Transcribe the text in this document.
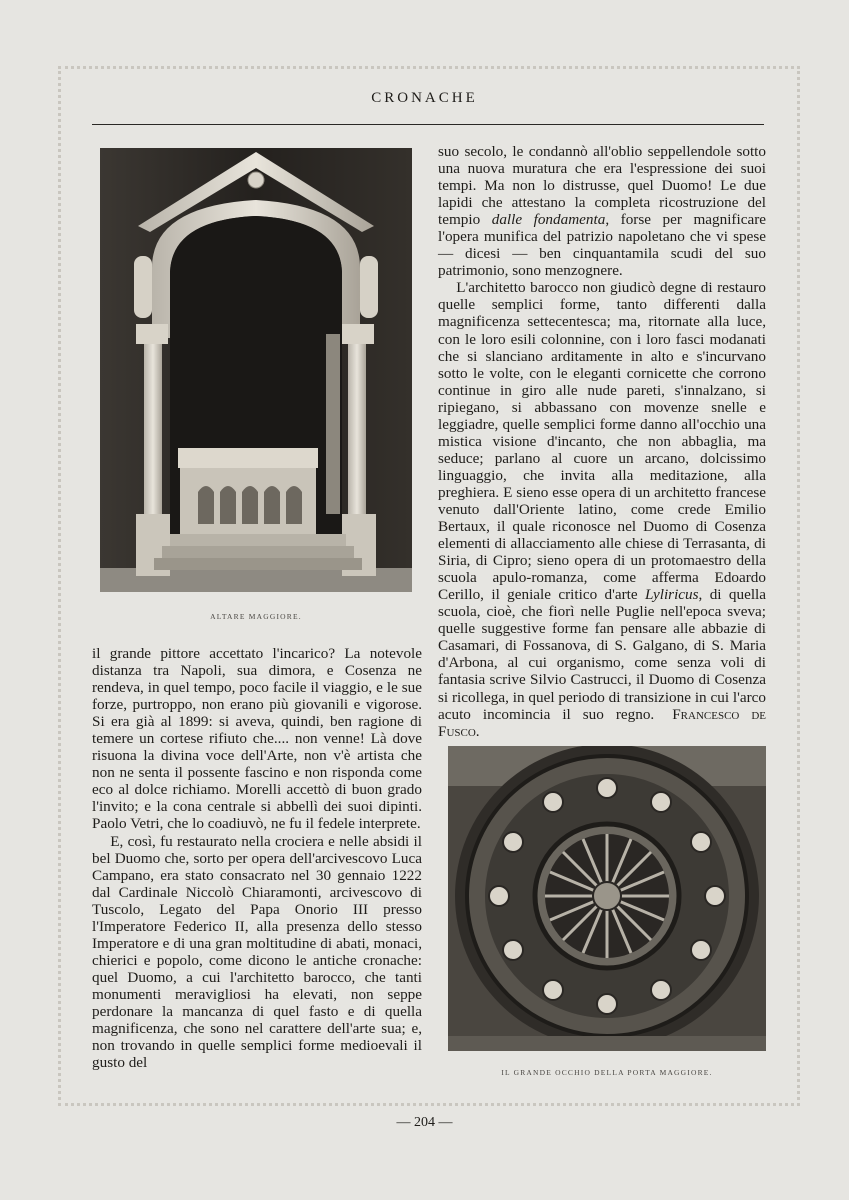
CRONACHE
ALTARE MAGGIORE.

il grande pittore accettato l'incarico? La notevole distanza tra Napoli, sua dimora, e Cosenza ne rendeva, in quel tempo, poco facile il viaggio, e le sue forze, purtroppo, non erano più giovanili e vigorose. Si era già al 1899: si aveva, quindi, ben ragione di temere un cortese rifiuto che.... non venne! Là dove risuona la divina voce dell'Arte, non v'è artista che non ne senta il possente fascino e non risponda come eco al dolce richiamo. Morelli accettò di buon grado l'invito; e la cona centrale si abbellì dei suoi dipinti. Paolo Vetri, che lo coadiuvò, ne fu il fedele interprete.

E, così, fu restaurato nella crociera e nelle absidi il bel Duomo che, sorto per opera dell'arcivescovo Luca Campano, era stato consacrato nel 30 gennaio 1222 dal Cardinale Niccolò Chiaramonti, arcivescovo di Tuscolo, Legato del Papa Onorio III presso l'Imperatore Federico II, alla presenza dello stesso Imperatore e di una gran moltitudine di abati, monaci, chierici e popolo, come dicono le antiche cronache: quel Duomo, a cui l'architetto barocco, che tanti monumenti meravigliosi ha elevati, non seppe perdonare la mancanza di quel fasto e di quella magnificenza, che sono nel carattere dell'arte sua; e, non trovando in quelle semplici forme medioevali il gusto del

suo secolo, le condannò all'oblio seppellendole sotto una nuova muratura che era l'espressione dei suoi tempi. Ma non lo distrusse, quel Duomo! Le due lapidi che attestano la completa ricostruzione del tempio dalle fondamenta, forse per magnificare l'opera munifica del patrizio napoletano che vi spese — dicesi — ben cinquantamila scudi del suo patrimonio, sono menzognere.

L'architetto barocco non giudicò degne di restauro quelle semplici forme, tanto differenti dalla magnificenza settecentesca; ma, ritornate alla luce, con le loro esili colonnine, con i loro fasci modanati che si slanciano arditamente in alto e s'incurvano sotto le volte, con le eleganti cornicette che corrono continue in giro alle nude pareti, s'innalzano, si ripiegano, si abbassano con movenze snelle e leggiadre, quelle semplici forme danno all'occhio una mistica visione d'incanto, che non abbaglia, ma seduce; parlano al cuore un arcano, dolcissimo linguaggio, che invita alla meditazione, alla preghiera. E sieno esse opera di un architetto francese venuto dall'Oriente latino, come crede Emilio Bertaux, il quale riconosce nel Duomo di Cosenza elementi di allacciamento alle chiese di Terrasanta, di Siria, di Cipro; sieno opera di un protomaestro della scuola apulo-romanza, come afferma Edoardo Cerillo, il geniale critico d'arte Lyliricus, di quella scuola, cioè, che fiorì nelle Puglie nell'epoca sveva; quelle suggestive forme fan pensare alle abbazie di Casamari, di Fossanova, di S. Galgano, di S. Maria d'Arbona, al cui organismo, come senza voli di fantasia scrive Silvio Castrucci, il Duomo di Cosenza si ricollega, in quel periodo di transizione in cui l'arco acuto incomincia il suo regno. Francesco de Fusco.

IL GRANDE OCCHIO DELLA PORTA MAGGIORE.
— 204 —
